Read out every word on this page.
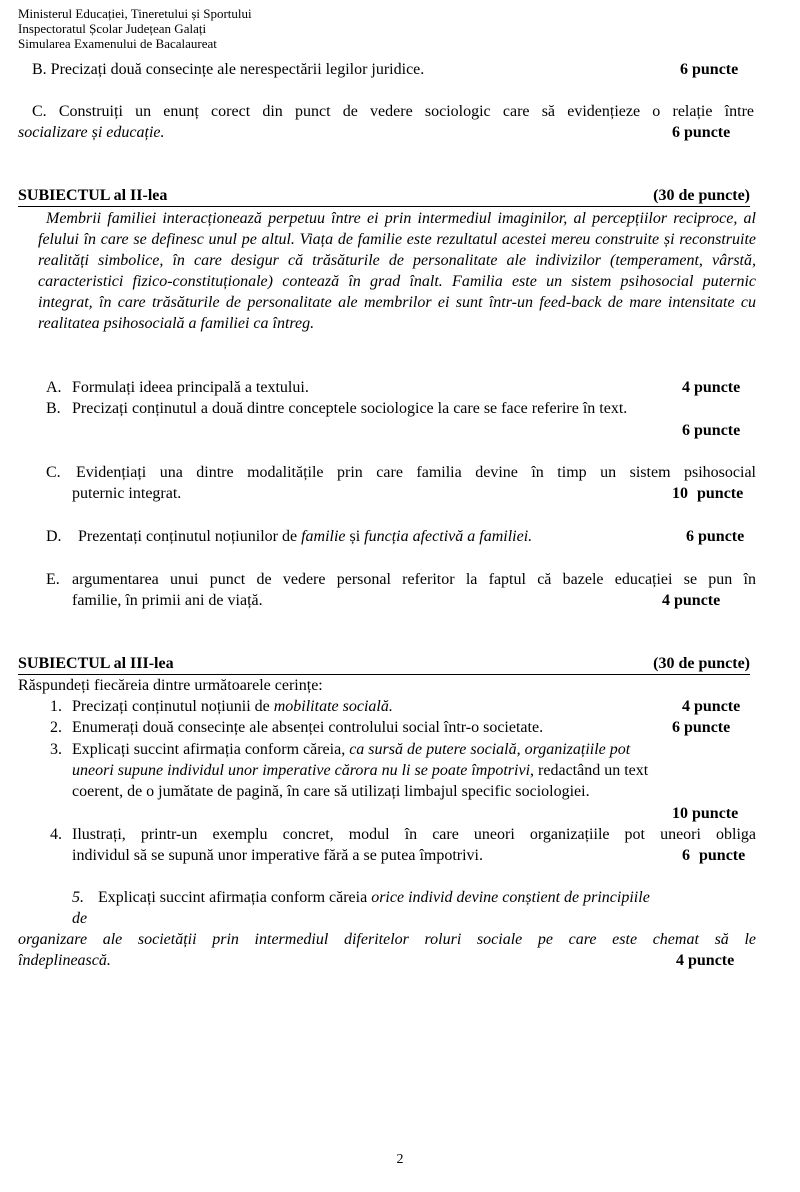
Ministerul Educației, Tineretului și Sportului
Inspectoratul Școlar Județean Galați
Simularea Examenului de Bacalaureat
B. Precizați două consecințe ale nerespectării legilor juridice.	6 puncte
C. Construiți un enunț corect din punct de vedere sociologic care să evidențieze o relație între
socializare și educație.	6 puncte
SUBIECTUL al II-lea	(30 de puncte)
Membrii familiei interacționează perpetuu între ei prin intermediul imaginilor, al percepțiilor reciproce, al felului în care se definesc unul pe altul. Viața de familie este rezultatul acestei mereu construite și reconstruite realități simbolice, în care desigur că trăsăturile de personalitate ale indivizilor (temperament, vârstă, caracteristici fizico-constituționale) contează în grad înalt. Familia este un sistem psihosocial puternic integrat, în care trăsăturile de personalitate ale membrilor ei sunt într-un feed-back de mare intensitate cu realitatea psihosocială a familiei ca întreg.
A. Formulați ideea principală a textului.	4 puncte
B. Precizați conținutul a două dintre conceptele sociologice la care se face referire în text.
6 puncte
C. Evidențiați una dintre modalitățile prin care familia devine în timp un sistem psihosocial
puternic integrat.	10 puncte
D. Prezentați conținutul noțiunilor de familie și funcția afectivă a familiei.	6 puncte
E. argumentarea unui punct de vedere personal referitor la faptul că bazele educației se pun în
familie, în primii ani de viață.	4 puncte
SUBIECTUL al III-lea	(30 de puncte)
Răspundeți fiecăreia dintre următoarele cerințe:
1. Precizați conținutul noțiunii de mobilitate socială.	4 puncte
2. Enumerați două consecințe ale absenței controlului social într-o societate.	6 puncte
3. Explicați succint afirmația conform căreia, ca sursă de putere socială, organizațiile pot
uneori supune individul unor imperative cărora nu li se poate împotrivi, redactând un text
coerent, de o jumătate de pagină, în care să utilizați limbajul specific sociologiei.
10 puncte
4. Ilustrați, printr-un exemplu concret, modul în care uneori organizațiile pot uneori obliga
individul să se supună unor imperative fără a se putea împotrivi.	6 puncte
5. Explicați succint afirmația conform căreia orice individ devine conștient de principiile
de
organizare ale societății prin intermediul diferitelor roluri sociale pe care este chemat să le
îndeplinească.	4 puncte
2
